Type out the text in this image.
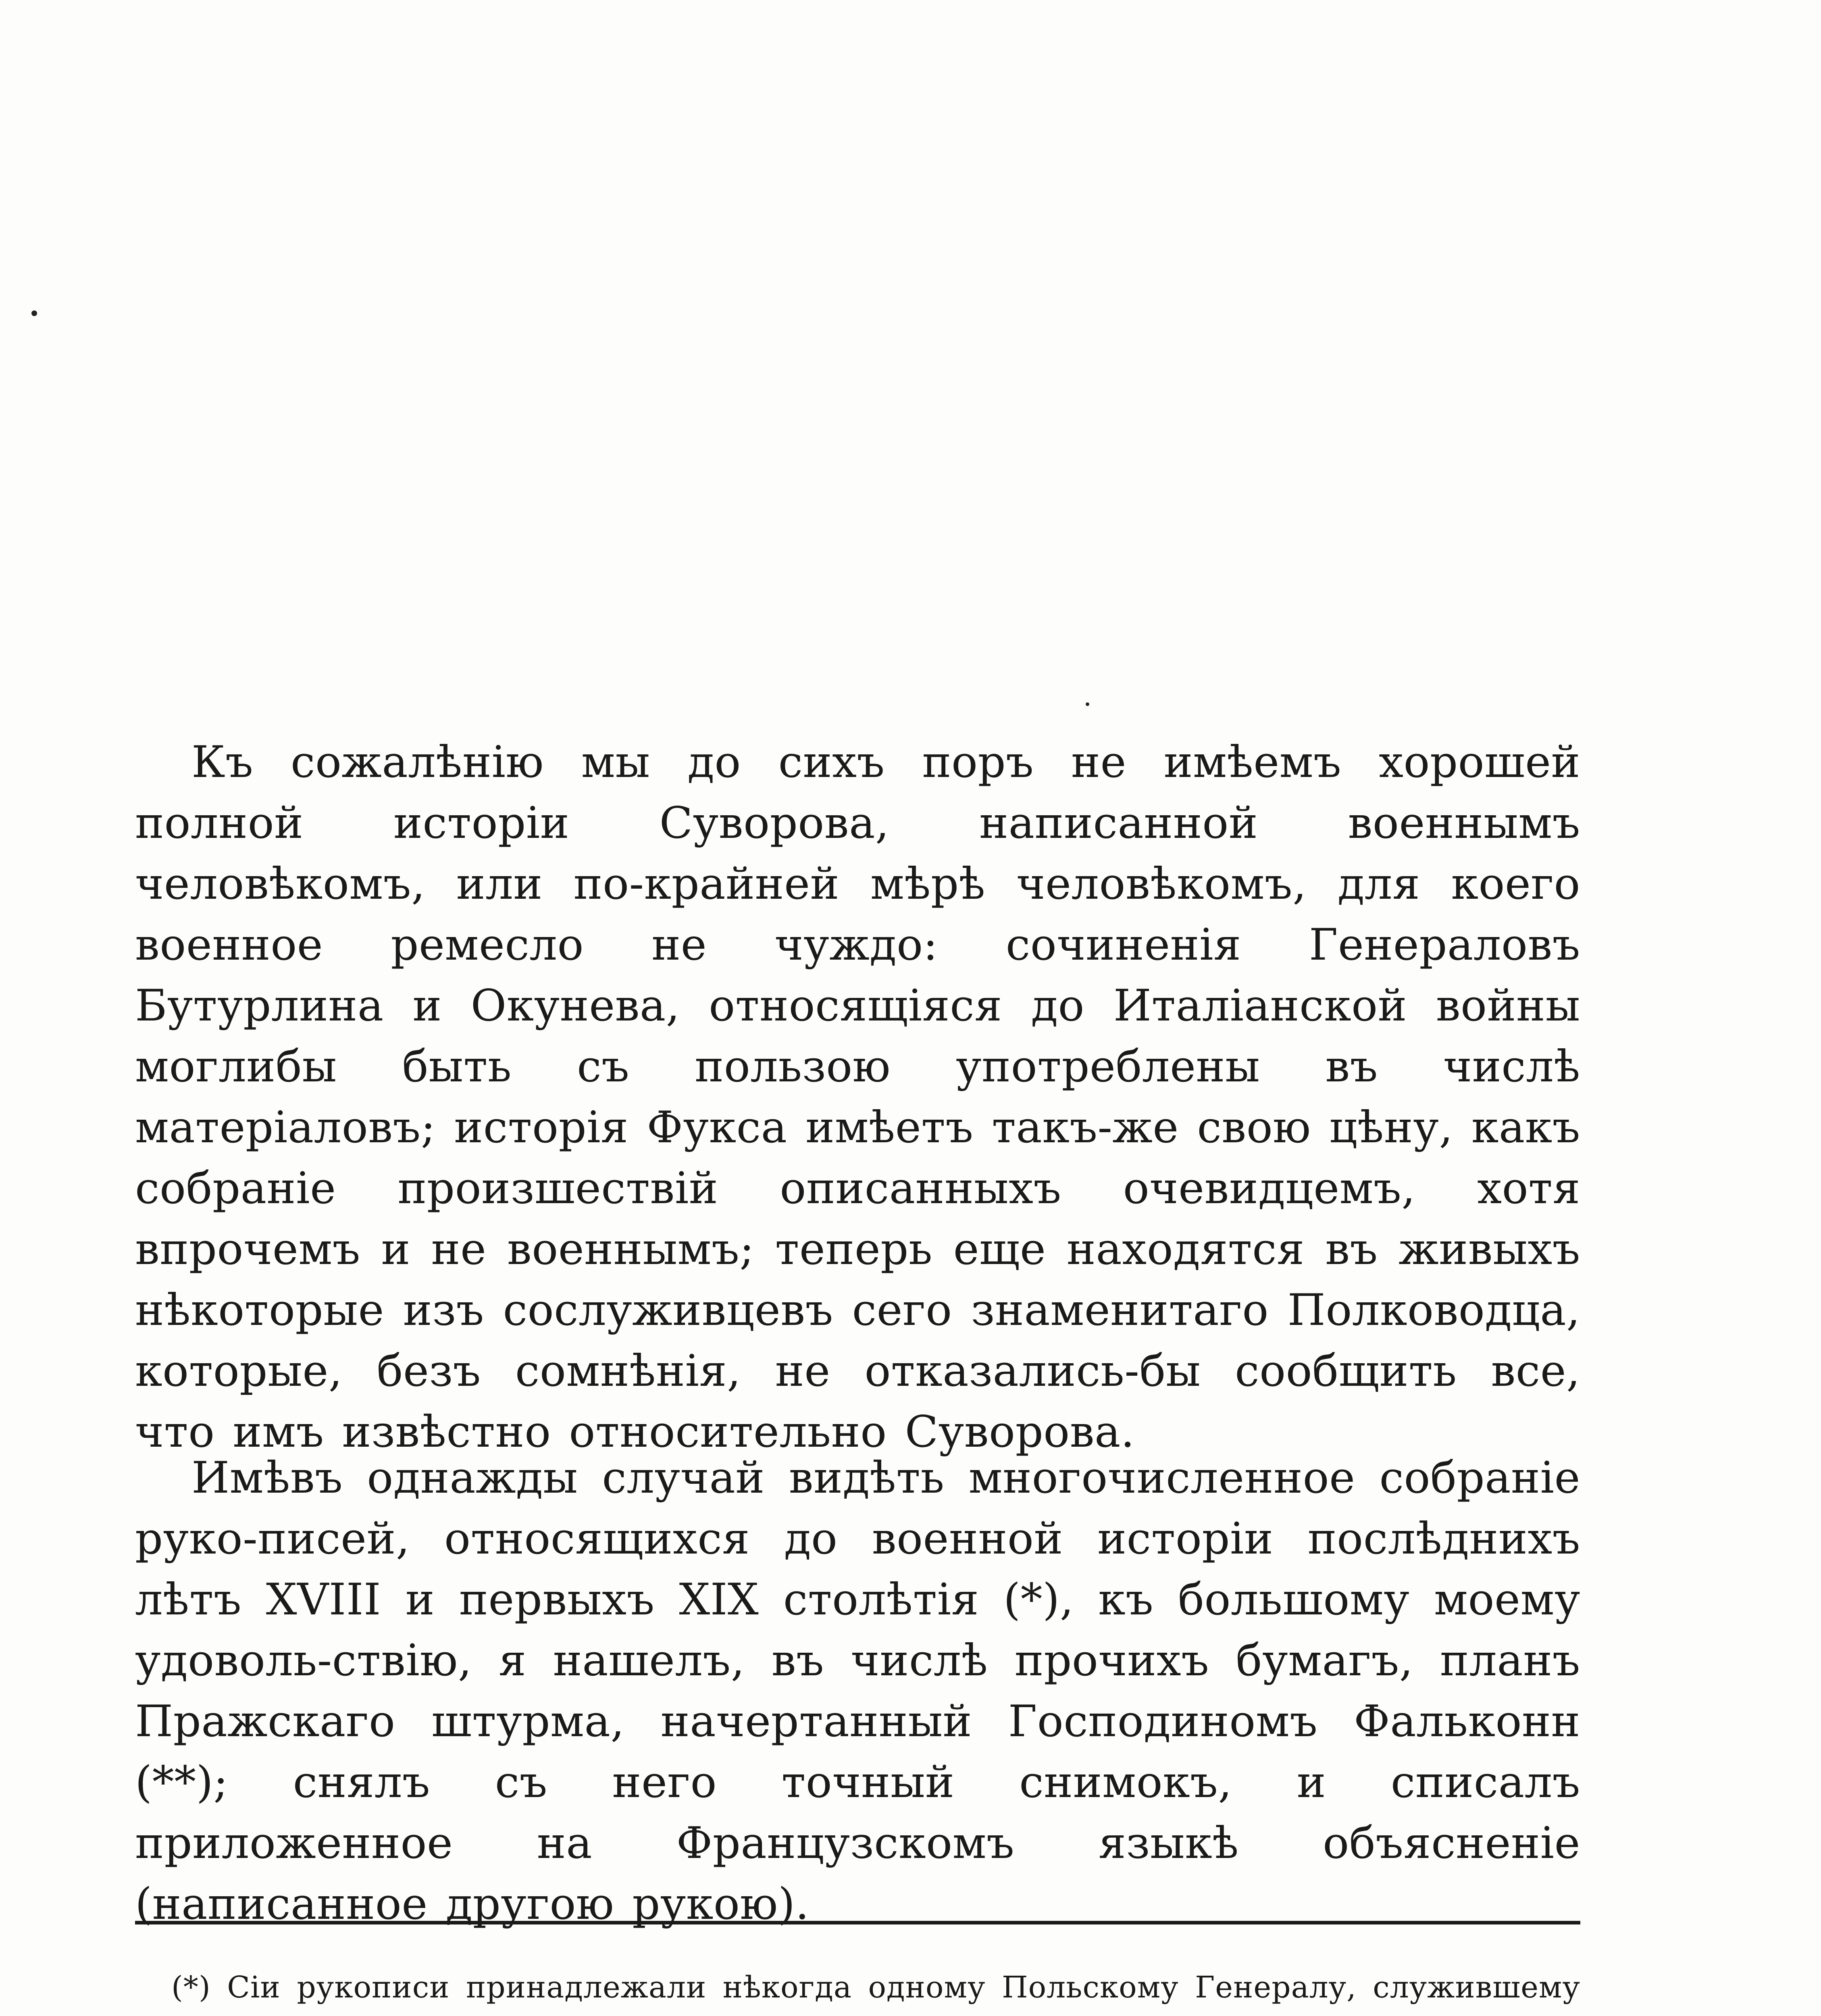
Къ сожалѣнію мы до сихъ поръ не имѣемъ хорошей полной исторіи Суворова, написанной военнымъ человѣкомъ, или по-крайней мѣрѣ человѣкомъ, для коего военное ремесло не чуждо: сочиненія Генераловъ Бутурлина и Окунева, относящіяся до Италіанской войны моглибы быть съ пользою употреблены въ числѣ матеріаловъ; исторія Фукса имѣетъ такъ-же свою цѣну, какъ собраніе произшествій описанныхъ очевидцемъ, хотя впрочемъ и не военнымъ; теперь еще находятся въ живыхъ нѣкоторые изъ сослуживцевъ сего знаменитаго Полководца, которые, безъ сомнѣнія, не отказались-бы сообщить все, что имъ извѣстно относительно Суворова.

Имѣвъ однажды случай видѣть многочисленное собраніе руко-писей, относящихся до военной исторіи послѣднихъ лѣтъ XVIII и первыхъ XIX столѣтія (*), къ большому моему удоволь-ствію, я нашелъ, въ числѣ прочихъ бумагъ, планъ Пражскаго штурма, начертанный Господиномъ Фальконн (**); снялъ съ него точный снимокъ, и списалъ приложенное на Французскомъ языкѣ объясненіе (написанное другою рукою).

(*) Сіи рукописи принадлежали нѣкогда одному Польскому Генералу, служившему
